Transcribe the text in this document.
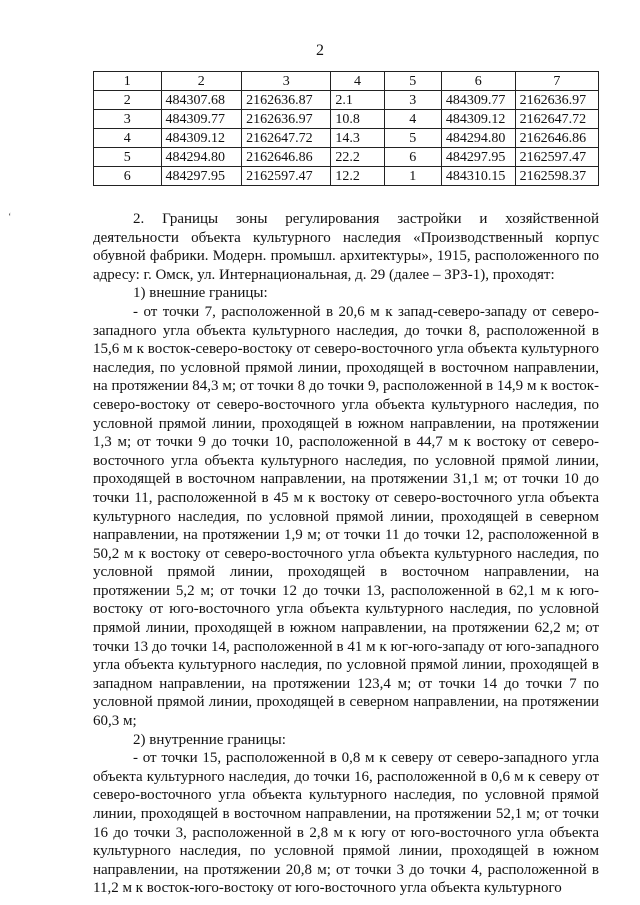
2
1	2	3	4	5	6	7
2	484307.68	2162636.87	2.1	3	484309.77	2162636.97
3	484309.77	2162636.97	10.8	4	484309.12	2162647.72
4	484309.12	2162647.72	14.3	5	484294.80	2162646.86
5	484294.80	2162646.86	22.2	6	484297.95	2162597.47
6	484297.95	2162597.47	12.2	1	484310.15	2162598.37
‘	2. Границы зоны регулирования застройки и хозяйственной деятельности объекта культурного наследия «Производственный корпус обувной фабрики. Модерн. промышл. архитектуры», 1915, расположенного по адресу: г. Омск, ул. Интернациональная, д. 29 (далее – ЗРЗ-1), проходят:

1) внешние границы:

- от точки 7, расположенной в 20,6 м к запад-северо-западу от северо-западного угла объекта культурного наследия, до точки 8, расположенной в 15,6 м к восток-северо-востоку от северо-восточного угла объекта культурного наследия, по условной прямой линии, проходящей в восточном направлении, на протяжении 84,3 м; от точки 8 до точки 9, расположенной в 14,9 м к восток-северо-востоку от северо-восточного угла объекта культурного наследия, по условной прямой линии, проходящей в южном направлении, на протяжении 1,3 м; от точки 9 до точки 10, расположенной в 44,7 м к востоку от северо-восточного угла объекта культурного наследия, по условной прямой линии, проходящей в восточном направлении, на протяжении 31,1 м; от точки 10 до точки 11, расположенной в 45 м к востоку от северо-восточного угла объекта культурного наследия, по условной прямой линии, проходящей в северном направлении, на протяжении 1,9 м; от точки 11 до точки 12, расположенной в 50,2 м к востоку от северо-восточного угла объекта культурного наследия, по условной прямой линии, проходящей в восточном направлении, на протяжении 5,2 м; от точки 12 до точки 13, расположенной в 62,1 м к юго-востоку от юго-восточного угла объекта культурного наследия, по условной прямой линии, проходящей в южном направлении, на протяжении 62,2 м; от точки 13 до точки 14, расположенной в 41 м к юг-юго-западу от юго-западного угла объекта культурного наследия, по условной прямой линии, проходящей в западном направлении, на протяжении 123,4 м; от точки 14 до точки 7 по условной прямой линии, проходящей в северном направлении, на протяжении 60,3 м;

2) внутренние границы:

- от точки 15, расположенной в 0,8 м к северу от северо-западного угла объекта культурного наследия, до точки 16, расположенной в 0,6 м к северу от северо-восточного угла объекта культурного наследия, по условной прямой линии, проходящей в восточном направлении, на протяжении 52,1 м; от точки 16 до точки 3, расположенной в 2,8 м к югу от юго-восточного угла объекта культурного наследия, по условной прямой линии, проходящей в южном направлении, на протяжении 20,8 м; от точки 3 до точки 4, расположенной в 11,2 м к восток-юго-востоку от юго-восточного угла объекта культурного
